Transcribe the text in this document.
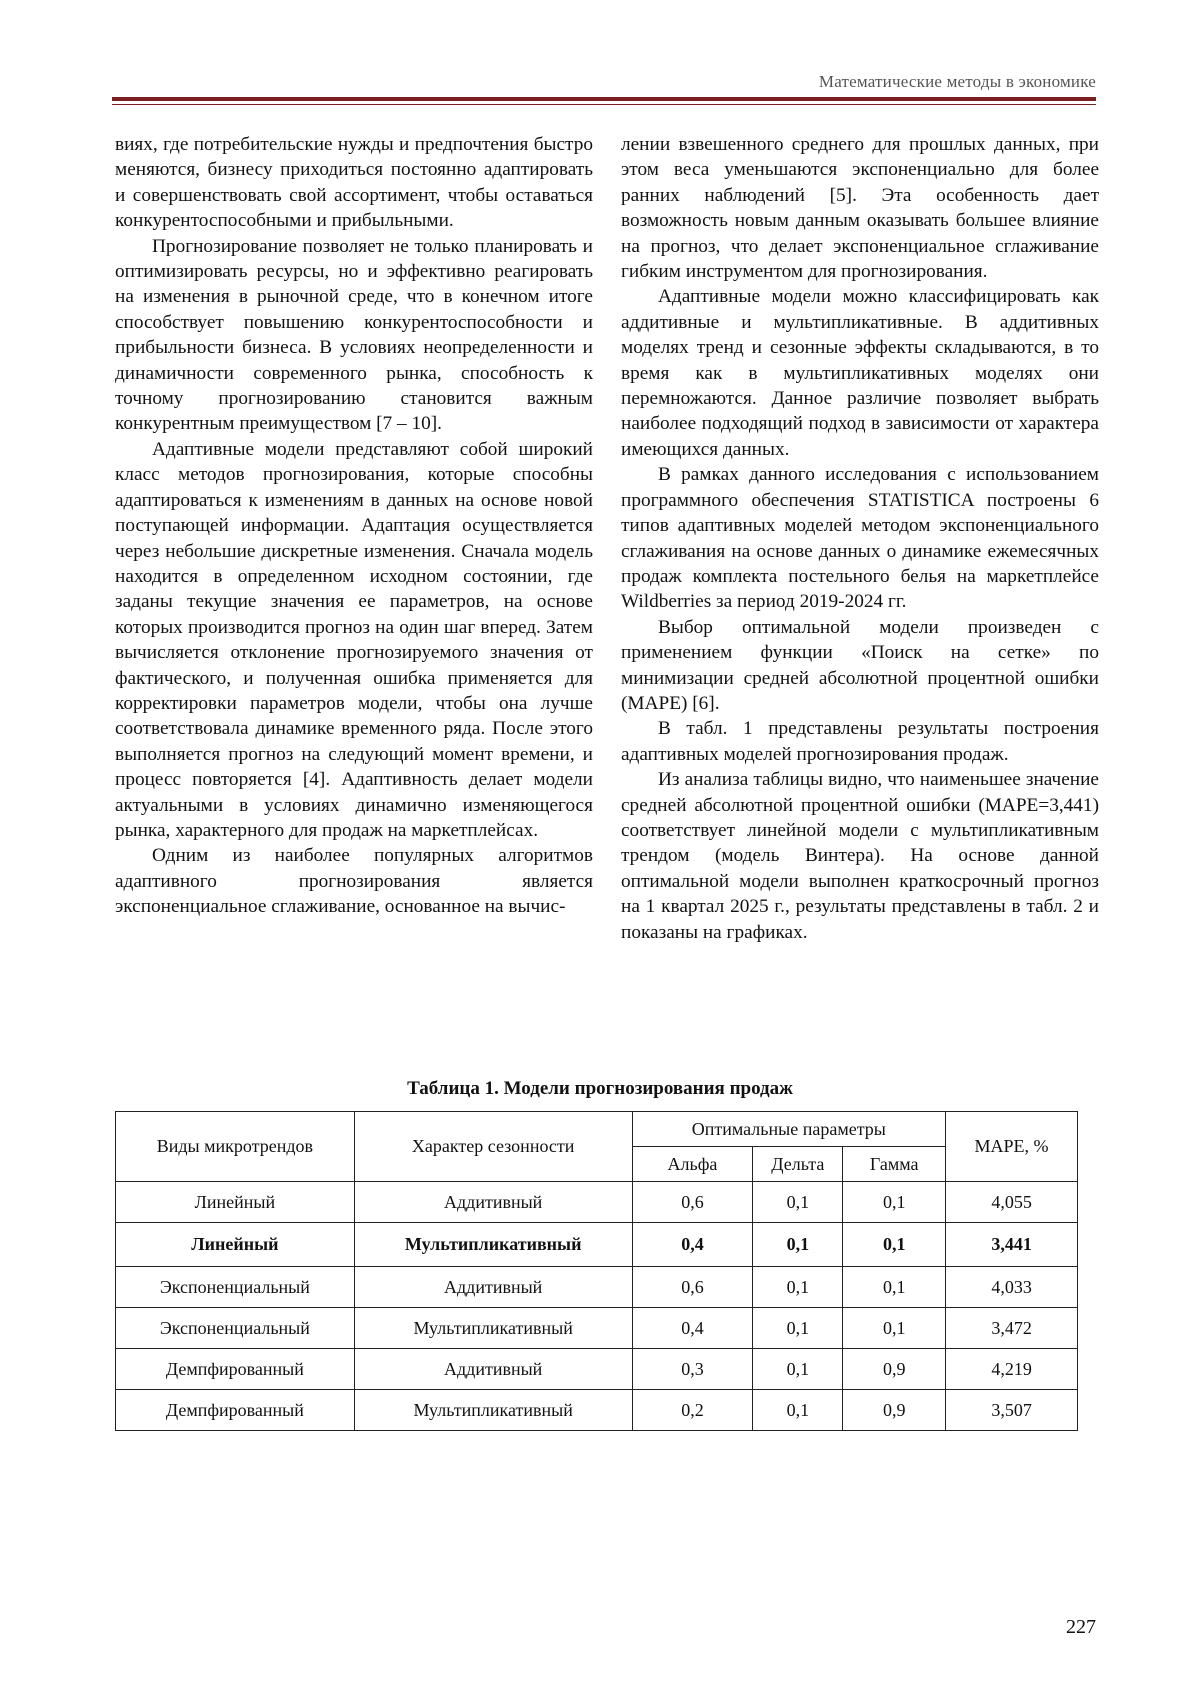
Математические методы в экономике

виях, где потребительские нужды и предпочтения быстро меняются, бизнесу приходиться постоянно адаптировать и совершенствовать свой ассортимент, чтобы оставаться конкурентоспособными и прибыльными.

Прогнозирование позволяет не только планировать и оптимизировать ресурсы, но и эффективно реагировать на изменения в рыночной среде, что в конечном итоге способствует повышению конкурентоспособности и прибыльности бизнеса. В условиях неопределенности и динамичности современного рынка, способность к точному прогнозированию становится важным конкурентным преимуществом [7 – 10].

Адаптивные модели представляют собой широкий класс методов прогнозирования, которые способны адаптироваться к изменениям в данных на основе новой поступающей информации. Адаптация осуществляется через небольшие дискретные изменения. Сначала модель находится в определенном исходном состоянии, где заданы текущие значения ее параметров, на основе которых производится прогноз на один шаг вперед. Затем вычисляется отклонение прогнозируемого значения от фактического, и полученная ошибка применяется для корректировки параметров модели, чтобы она лучше соответствовала динамике временного ряда. После этого выполняется прогноз на следующий момент времени, и процесс повторяется [4]. Адаптивность делает модели актуальными в условиях динамично изменяющегося рынка, характерного для продаж на маркетплейсах.

Одним из наиболее популярных алгоритмов адаптивного прогнозирования является экспоненциальное сглаживание, основанное на вычис-

лении взвешенного среднего для прошлых данных, при этом веса уменьшаются экспоненциально для более ранних наблюдений [5]. Эта особенность дает возможность новым данным оказывать большее влияние на прогноз, что делает экспоненциальное сглаживание гибким инструментом для прогнозирования.

Адаптивные модели можно классифицировать как аддитивные и мультипликативные. В аддитивных моделях тренд и сезонные эффекты складываются, в то время как в мультипликативных моделях они перемножаются. Данное различие позволяет выбрать наиболее подходящий подход в зависимости от характера имеющихся данных.

В рамках данного исследования с использованием программного обеспечения STATISTICA построены 6 типов адаптивных моделей методом экспоненциального сглаживания на основе данных о динамике ежемесячных продаж комплекта постельного белья на маркетплейсе Wildberries за период 2019-2024 гг.

Выбор оптимальной модели произведен с применением функции «Поиск на сетке» по минимизации средней абсолютной процентной ошибки (MAPE) [6].

В табл. 1 представлены результаты построения адаптивных моделей прогнозирования продаж.

Из анализа таблицы видно, что наименьшее значение средней абсолютной процентной ошибки (MAPE=3,441) соответствует линейной модели с мультипликативным трендом (модель Винтера). На основе данной оптимальной модели выполнен краткосрочный прогноз на 1 квартал 2025 г., результаты представлены в табл. 2 и показаны на графиках.

Таблица 1. Модели прогнозирования продаж
Виды микротрендов	Характер сезонности	Оптимальные параметры			MAPE, %
		Альфа	Дельта	Гамма	
Линейный	Аддитивный	0,6	0,1	0,1	4,055
Линейный	Мультипликативный	0,4	0,1	0,1	3,441
Экспоненциальный	Аддитивный	0,6	0,1	0,1	4,033
Экспоненциальный	Мультипликативный	0,4	0,1	0,1	3,472
Демпфированный	Аддитивный	0,3	0,1	0,9	4,219
Демпфированный	Мультипликативный	0,2	0,1	0,9	3,507
227
